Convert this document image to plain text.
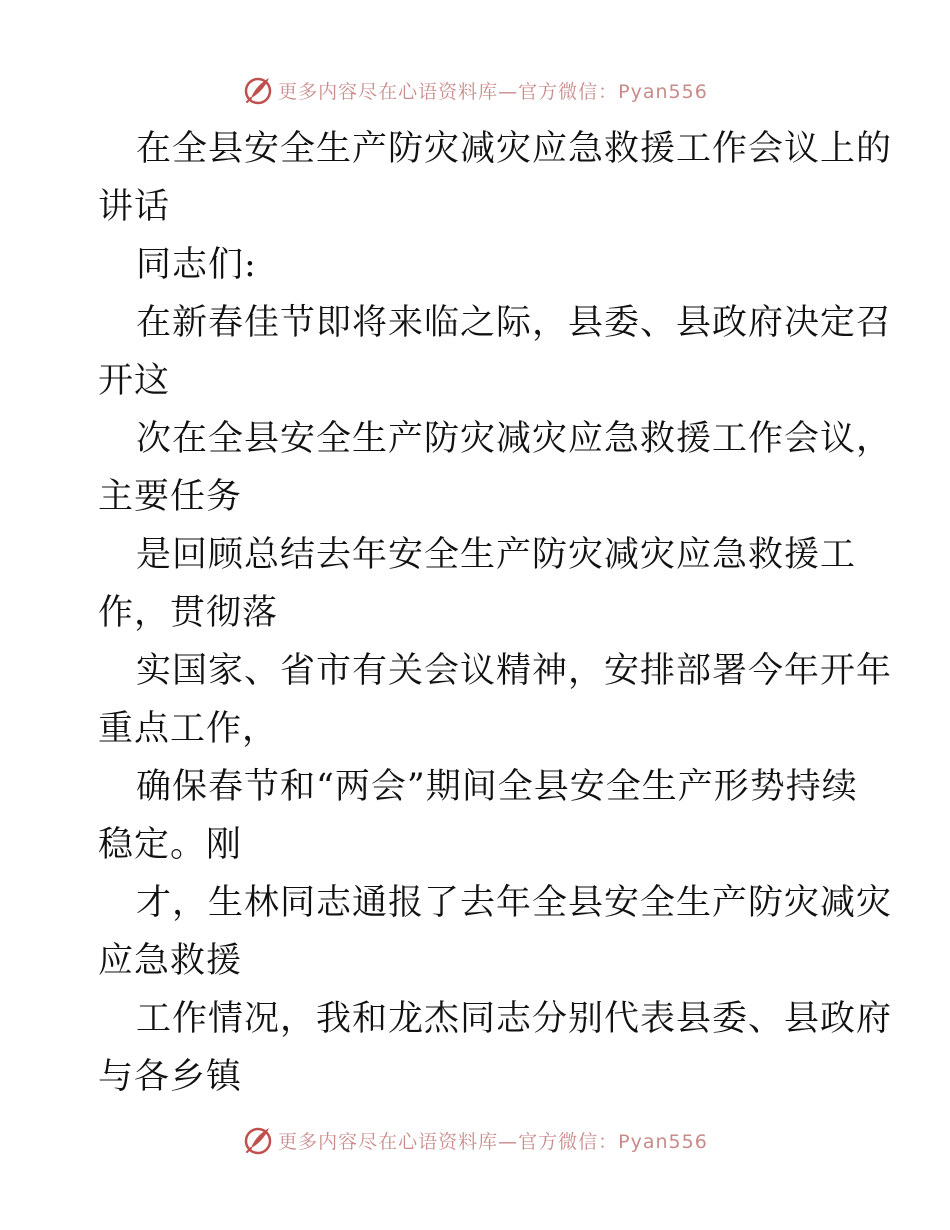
更多内容尽在心语资料库—官方微信：Pyan556
在全县安全生产防灾减灾应急救援工作会议上的
讲话
同志们:
在新春佳节即将来临之际，县委、县政府决定召
开这
次在全县安全生产防灾减灾应急救援工作会议，
主要任务
是回顾总结去年安全生产防灾减灾应急救援工
作，贯彻落
实国家、省市有关会议精神，安排部署今年开年
重点工作，
确保春节和“两会”期间全县安全生产形势持续
稳定。刚
才，生林同志通报了去年全县安全生产防灾减灾
应急救援
工作情况，我和龙杰同志分别代表县委、县政府
与各乡镇
更多内容尽在心语资料库—官方微信：Pyan556
